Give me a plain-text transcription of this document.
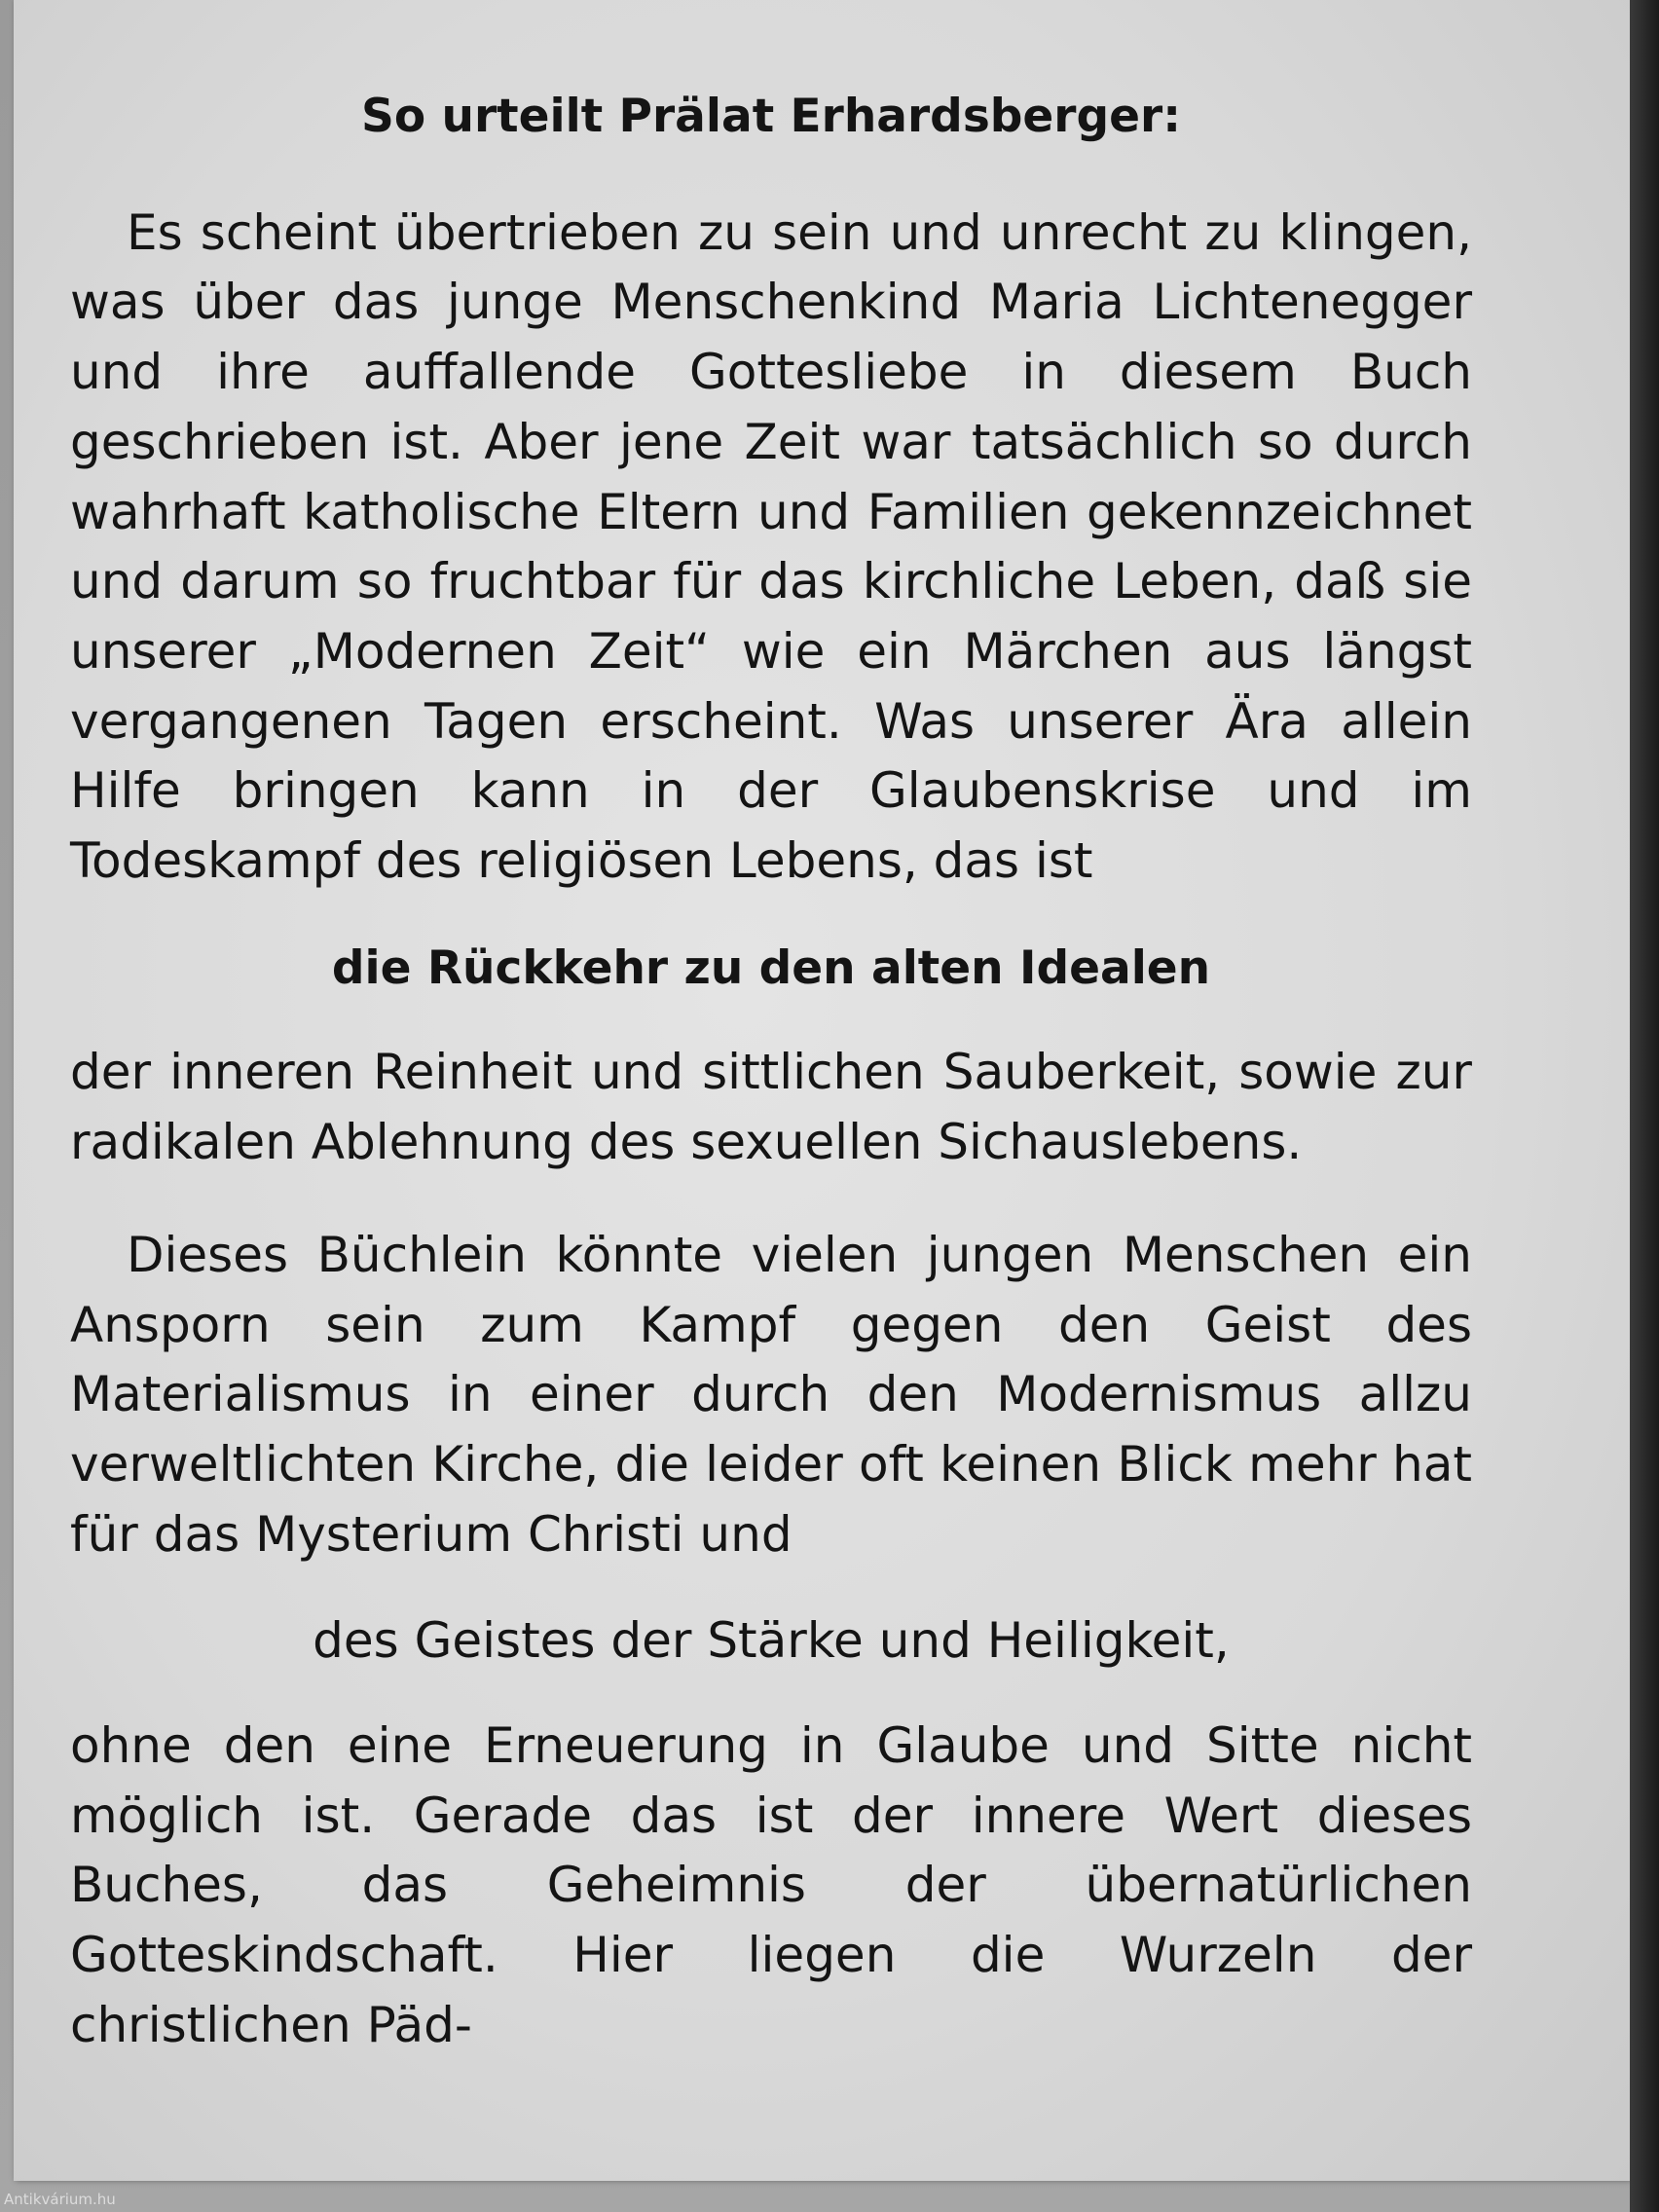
So urteilt Prälat Erhardsberger:

Es scheint übertrieben zu sein und unrecht zu klingen, was über das junge Menschenkind Maria Lichtenegger und ihre auffallende Gottesliebe in diesem Buch geschrieben ist. Aber jene Zeit war tatsächlich so durch wahrhaft katholische Eltern und Familien gekennzeichnet und darum so fruchtbar für das kirchliche Leben, daß sie unserer „Modernen Zeit“ wie ein Märchen aus längst vergangenen Tagen erscheint. Was unserer Ära allein Hilfe bringen kann in der Glaubenskrise und im Todeskampf des religiösen Lebens, das ist

die Rückkehr zu den alten Idealen

der inneren Reinheit und sittlichen Sauberkeit, sowie zur radikalen Ablehnung des sexuellen Sichauslebens.

Dieses Büchlein könnte vielen jungen Menschen ein Ansporn sein zum Kampf gegen den Geist des Materialismus in einer durch den Modernismus allzu verweltlichten Kirche, die leider oft keinen Blick mehr hat für das Mysterium Christi und

des Geistes der Stärke und Heiligkeit,

ohne den eine Erneuerung in Glaube und Sitte nicht möglich ist. Gerade das ist der innere Wert dieses Buches, das Geheimnis der übernatürlichen Gotteskindschaft. Hier liegen die Wurzeln der christlichen Päd-

Antikvárium.hu
